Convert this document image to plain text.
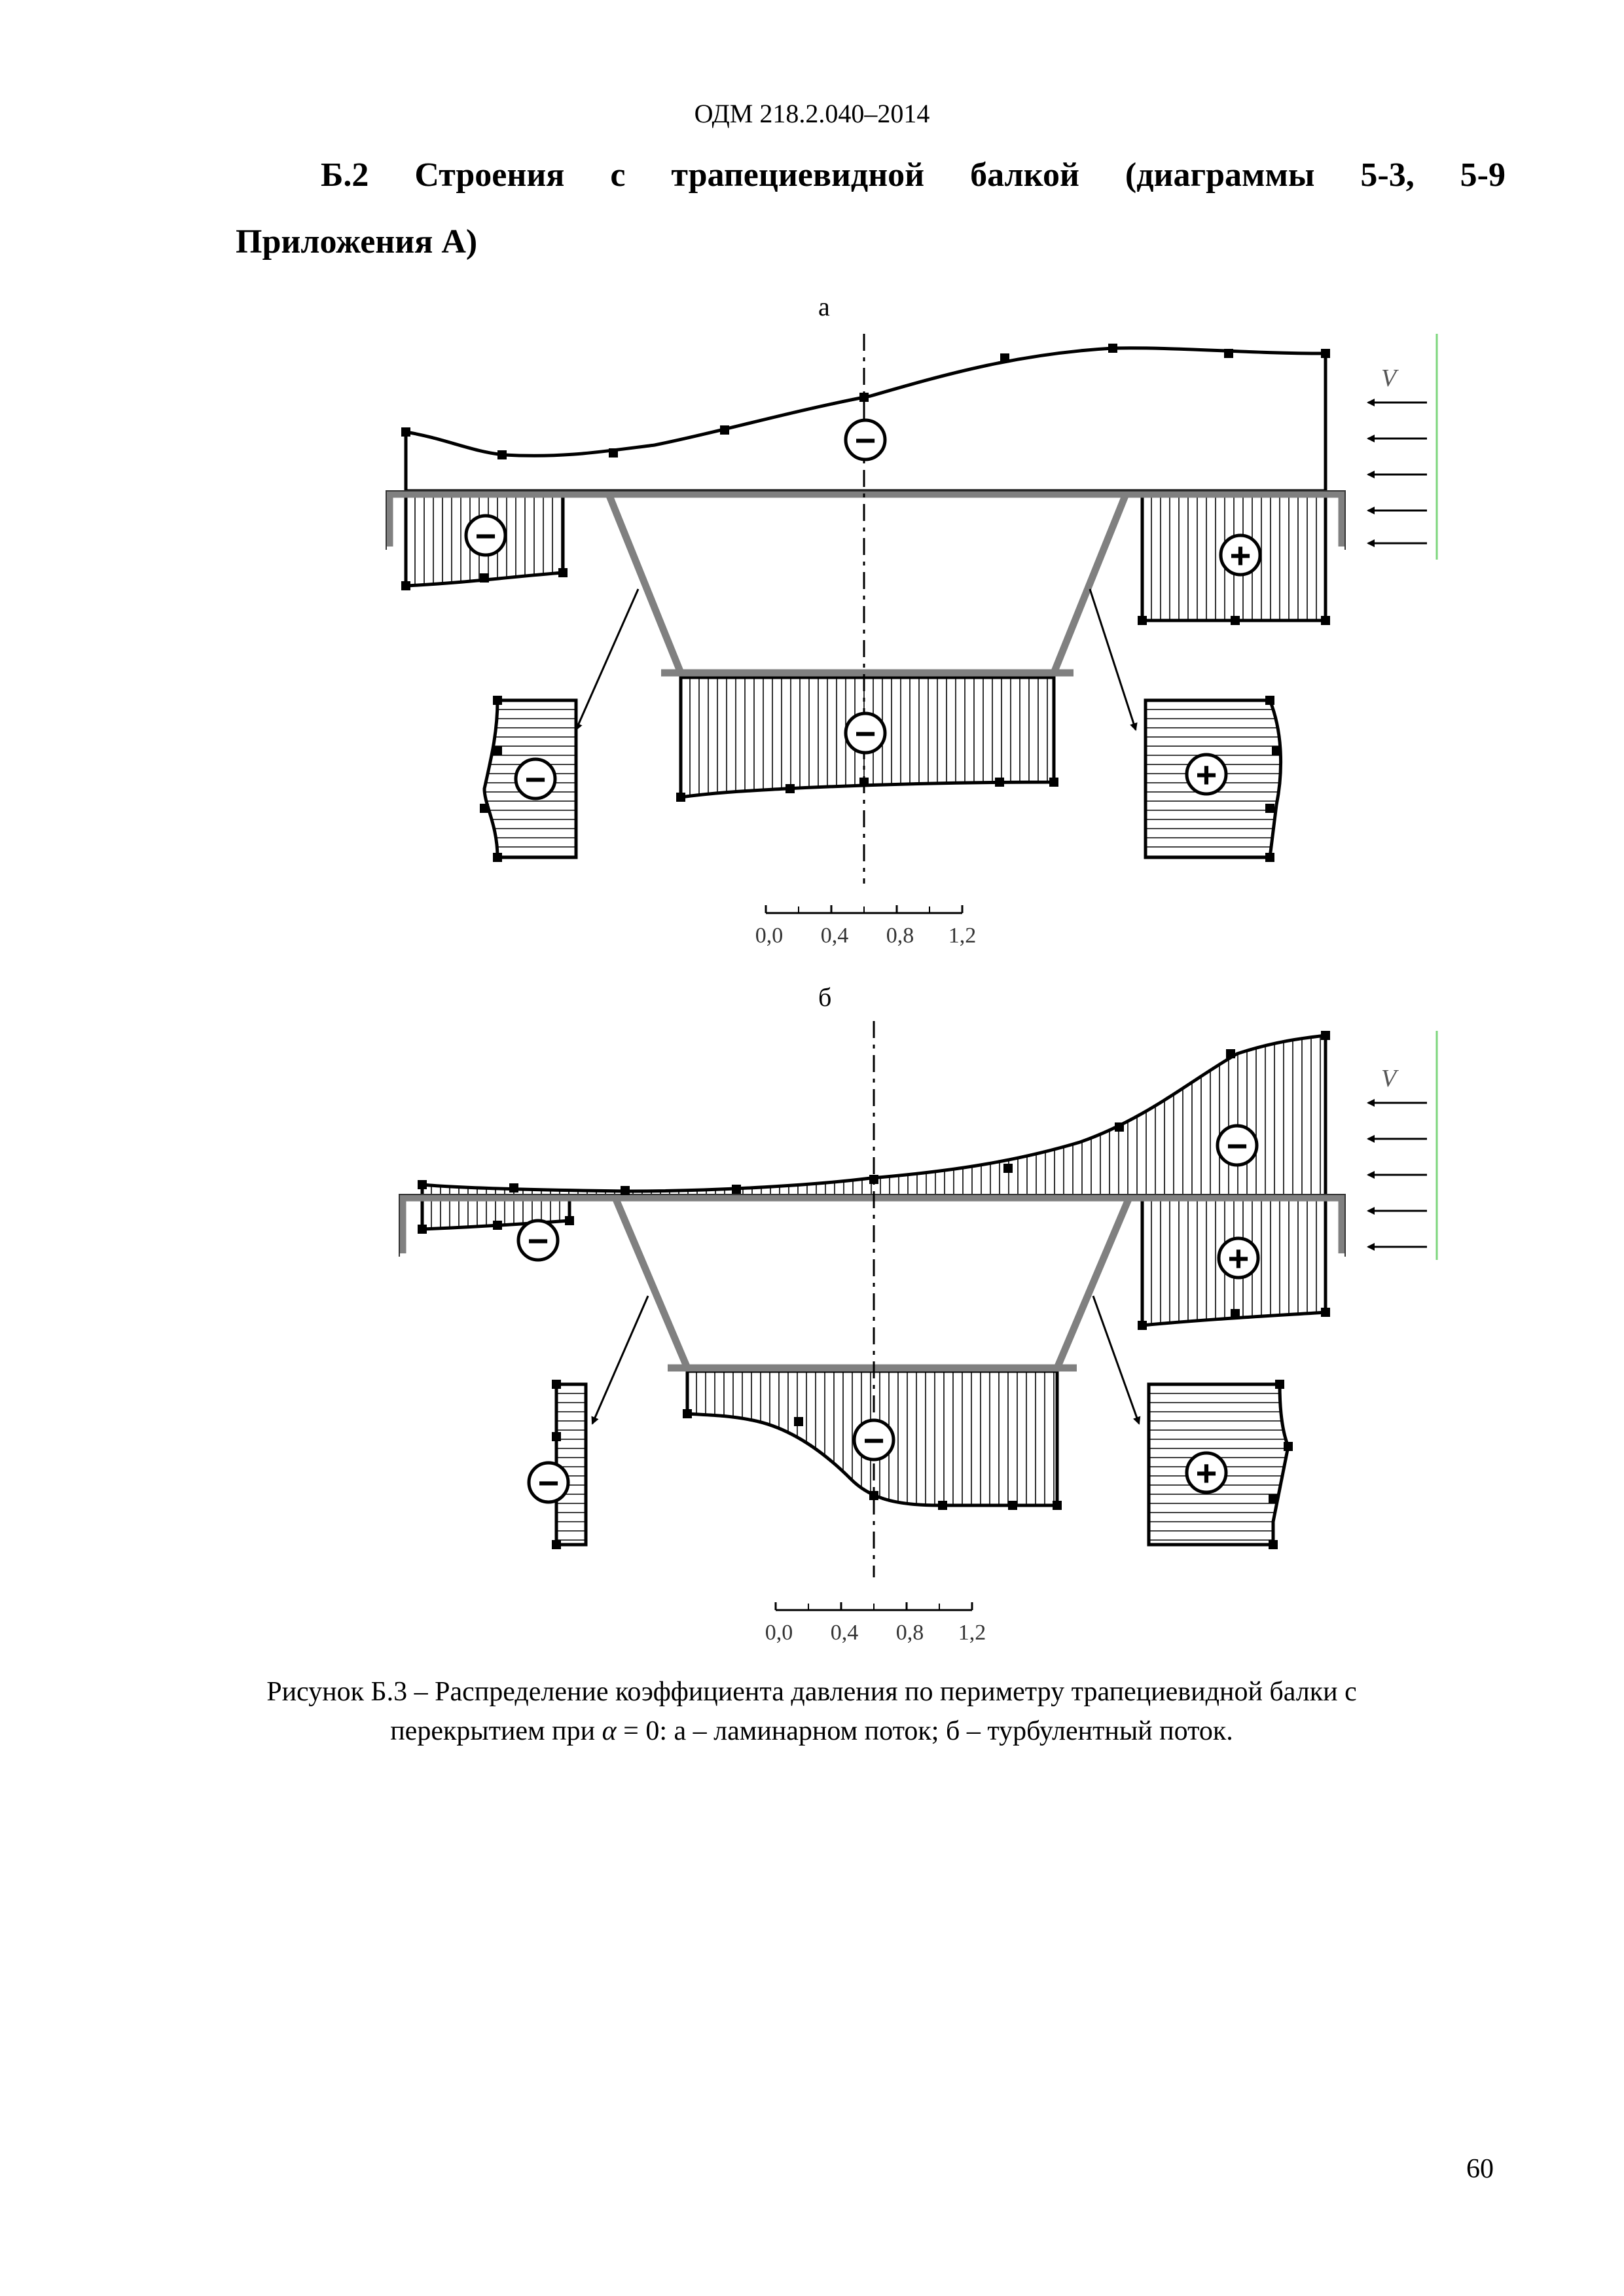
ОДМ 218.2.040–2014
Б.2 Строения с трапециевидной балкой (диаграммы 5-3, 5-9
Приложения А)
а
−
−	+
−
−	+
V
0,0 0,4 0,8 1,2
б
−
−	+
−
−	+
V
0,0 0,4 0,8 1,2
Рисунок Б.3 – Распределение коэффициента давления по периметру трапециевидной балки с
перекрытием при α = 0: а – ламинарном поток; б – турбулентный поток.
60
